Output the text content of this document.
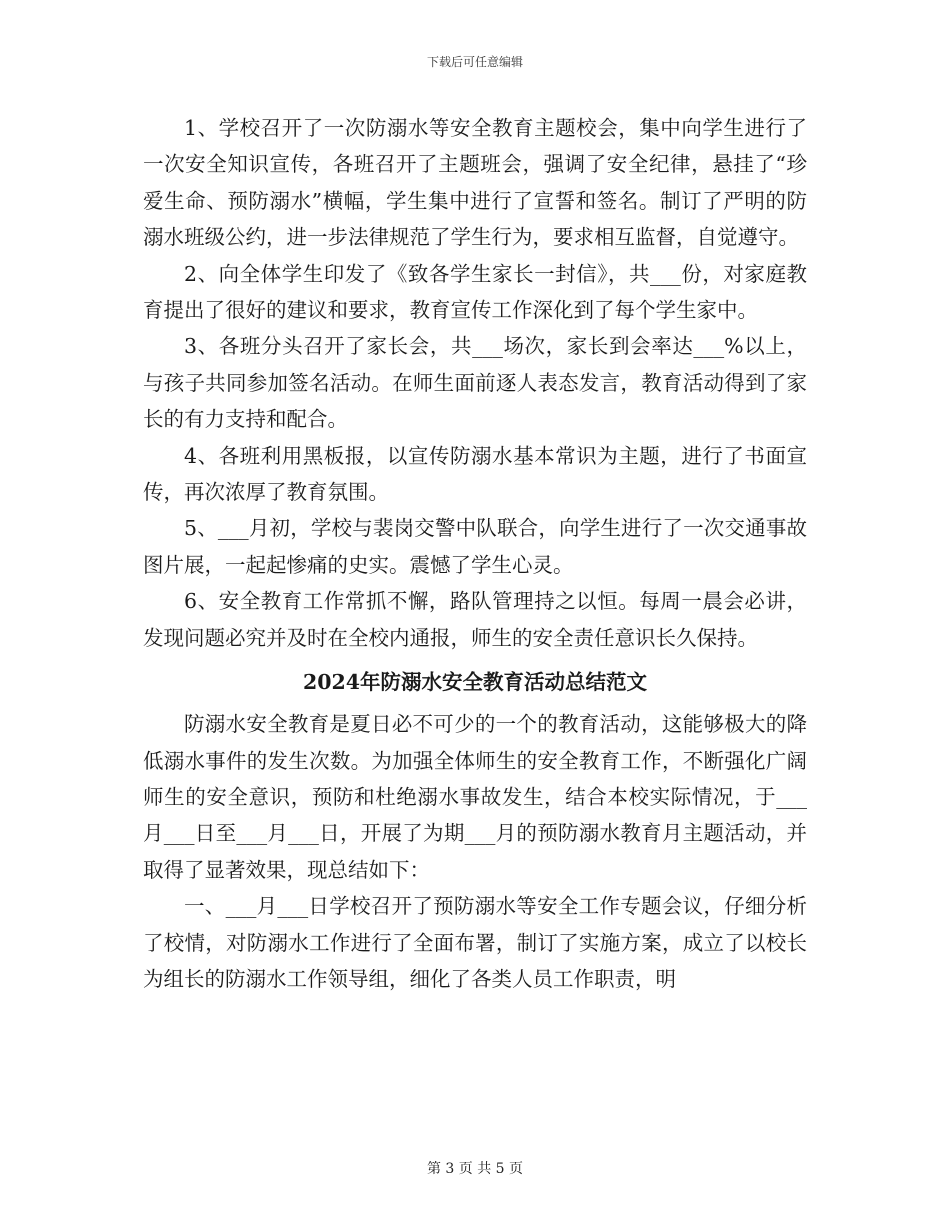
下载后可任意编辑

1、学校召开了一次防溺水等安全教育主题校会，集中向学生进行了一次安全知识宣传，各班召开了主题班会，强调了安全纪律，悬挂了“珍爱生命、预防溺水”横幅，学生集中进行了宣誓和签名。制订了严明的防溺水班级公约，进一步法律规范了学生行为，要求相互监督，自觉遵守。

2、向全体学生印发了《致各学生家长一封信》，共___份，对家庭教育提出了很好的建议和要求，教育宣传工作深化到了每个学生家中。

3、各班分头召开了家长会，共___场次，家长到会率达___%以上，与孩子共同参加签名活动。在师生面前逐人表态发言，教育活动得到了家长的有力支持和配合。

4、各班利用黑板报，以宣传防溺水基本常识为主题，进行了书面宣传，再次浓厚了教育氛围。

5、___月初，学校与裴岗交警中队联合，向学生进行了一次交通事故图片展，一起起惨痛的史实。震憾了学生心灵。

6、安全教育工作常抓不懈，路队管理持之以恒。每周一晨会必讲，发现问题必究并及时在全校内通报，师生的安全责任意识长久保持。

2024年防溺水安全教育活动总结范文

防溺水安全教育是夏日必不可少的一个的教育活动，这能够极大的降低溺水事件的发生次数。为加强全体师生的安全教育工作，不断强化广阔师生的安全意识，预防和杜绝溺水事故发生，结合本校实际情况，于___月___日至___月___日，开展了为期___月的预防溺水教育月主题活动，并取得了显著效果，现总结如下：

一、___月___日学校召开了预防溺水等安全工作专题会议，仔细分析了校情，对防溺水工作进行了全面布署，制订了实施方案，成立了以校长为组长的防溺水工作领导组，细化了各类人员工作职责，明

第 3 页 共 5 页
